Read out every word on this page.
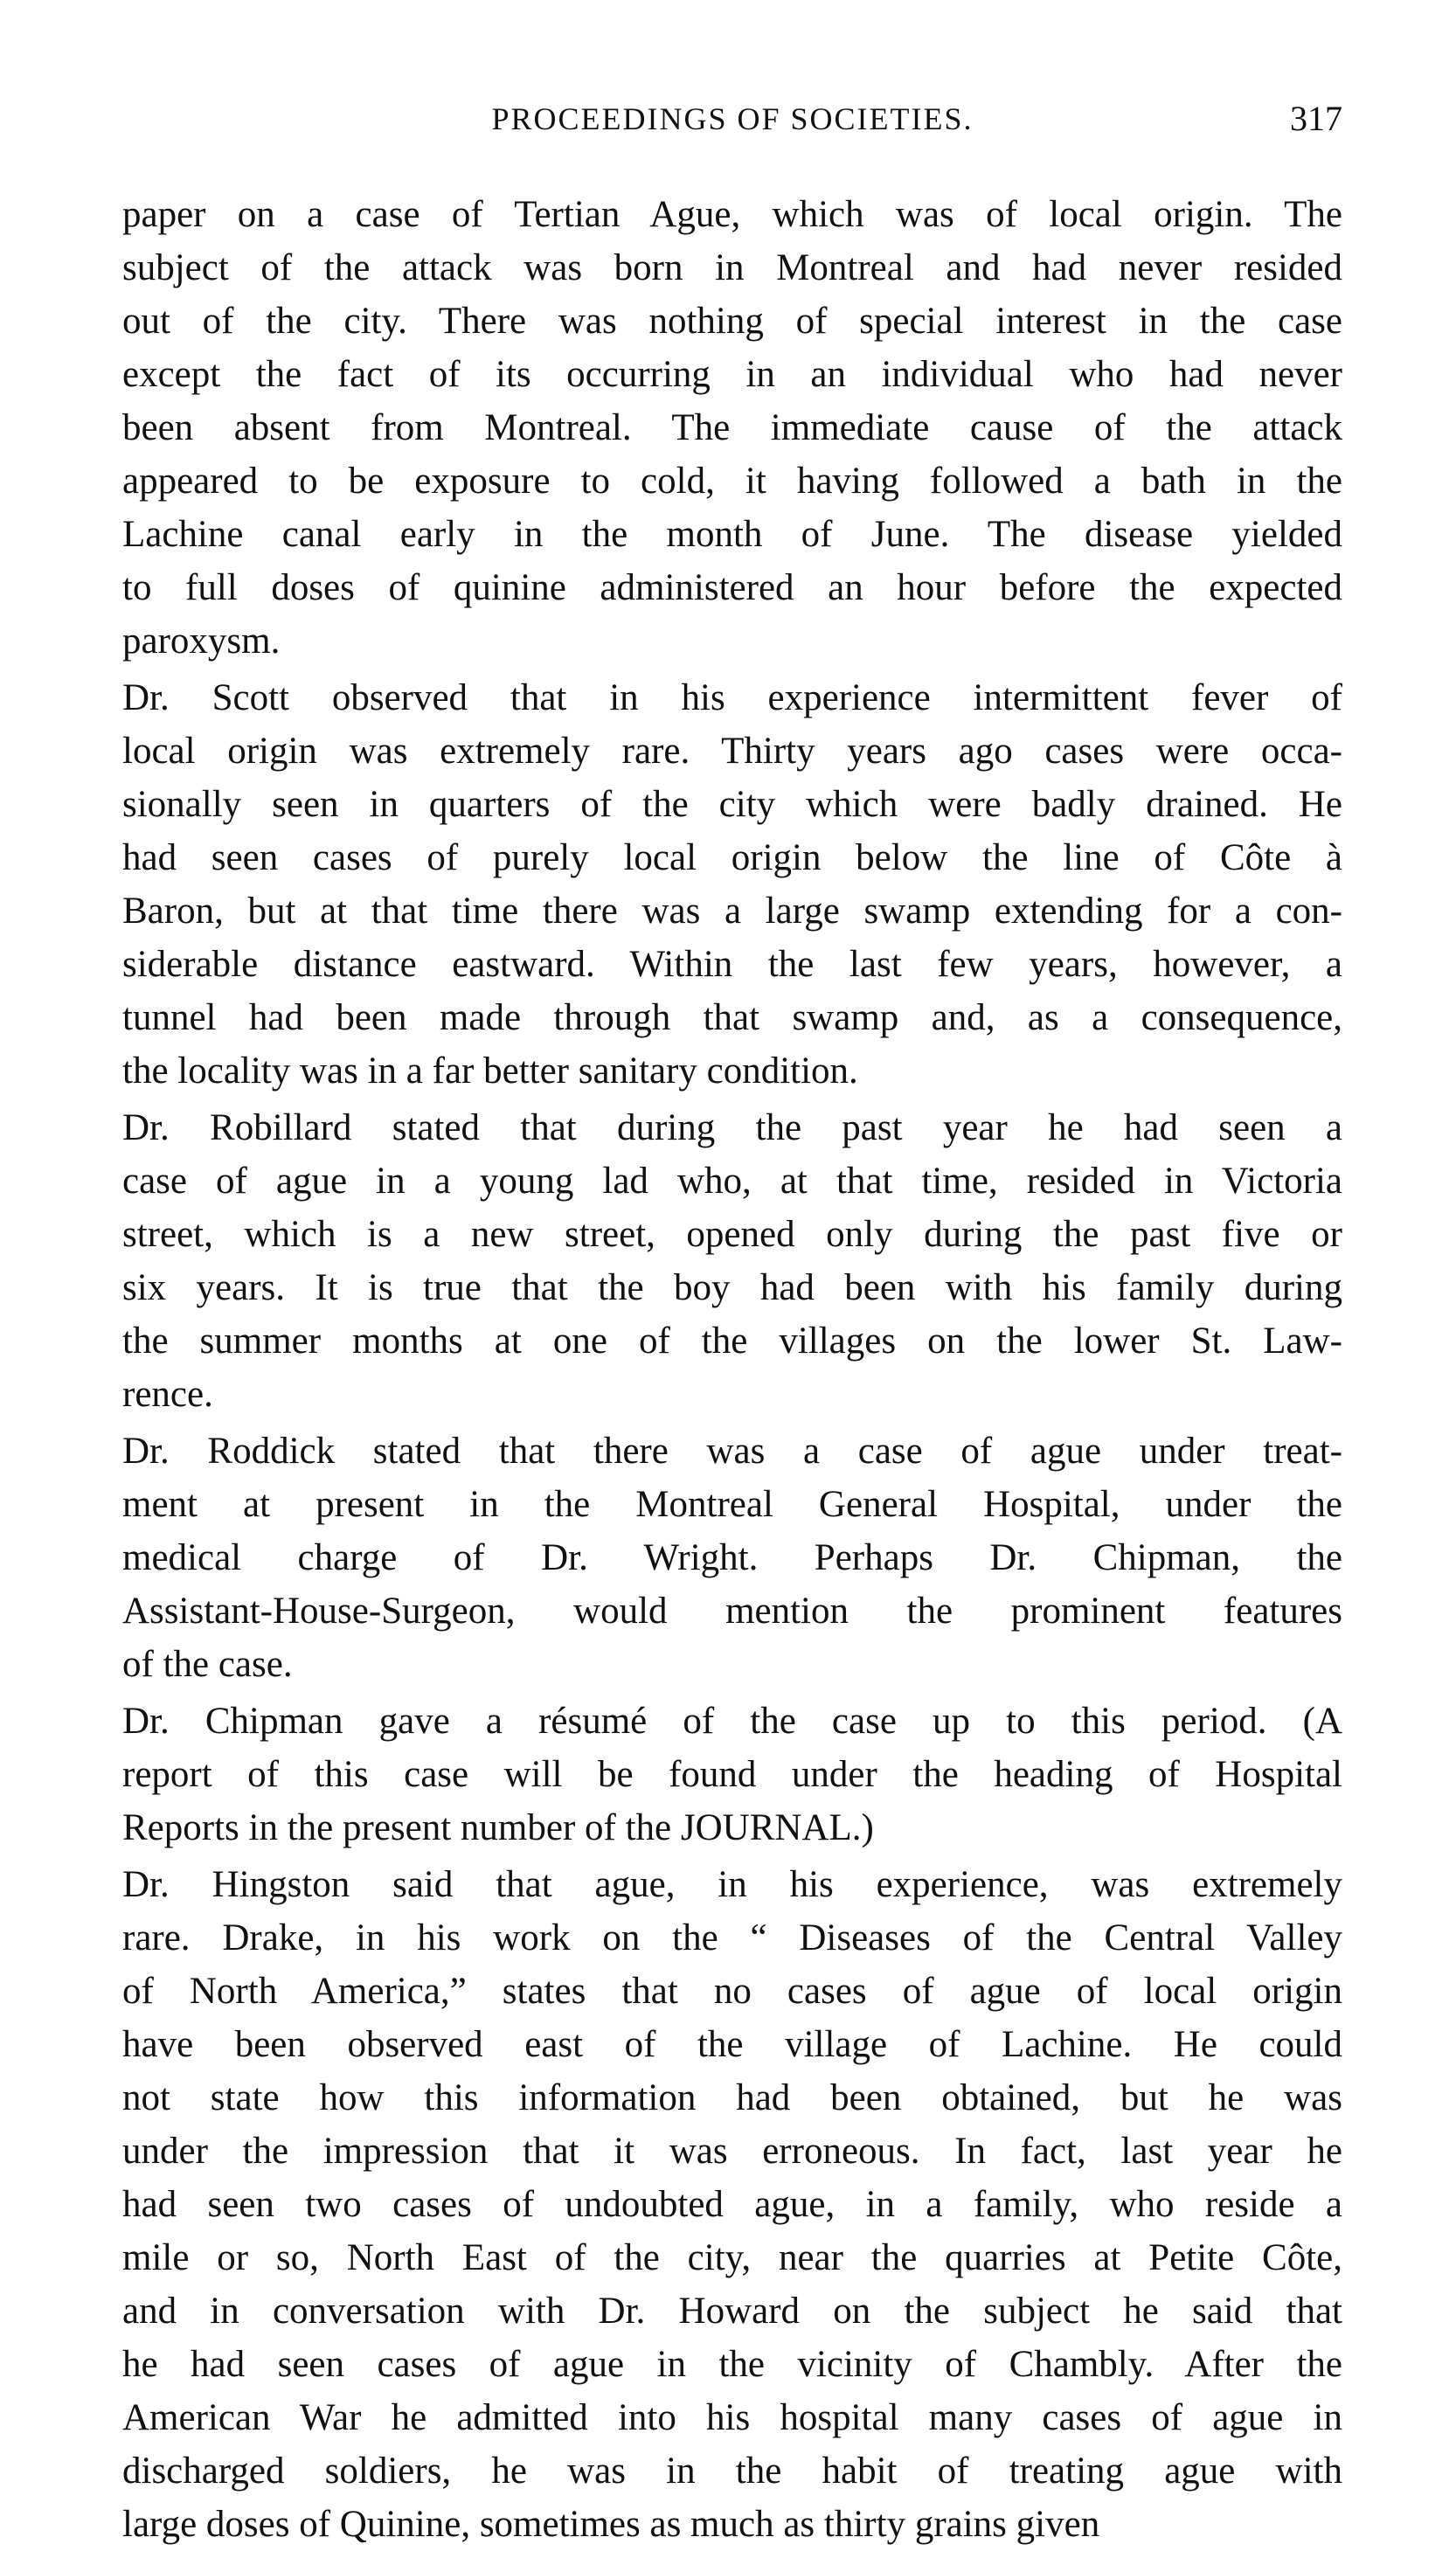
PROCEEDINGS OF SOCIETIES.	317
paper on a case of Tertian Ague, which was of local origin. The
subject of the attack was born in Montreal and had never resided
out of the city. There was nothing of special interest in the case
except the fact of its occurring in an individual who had never
been absent from Montreal. The immediate cause of the attack
appeared to be exposure to cold, it having followed a bath in the
Lachine canal early in the month of June. The disease yielded
to full doses of quinine administered an hour before the expected
paroxysm.
Dr. Scott observed that in his experience intermittent fever of
local origin was extremely rare. Thirty years ago cases were occa-
sionally seen in quarters of the city which were badly drained. He
had seen cases of purely local origin below the line of Côte à
Baron, but at that time there was a large swamp extending for a con-
siderable distance eastward. Within the last few years, however, a
tunnel had been made through that swamp and, as a consequence,
the locality was in a far better sanitary condition.
Dr. Robillard stated that during the past year he had seen a
case of ague in a young lad who, at that time, resided in Victoria
street, which is a new street, opened only during the past five or
six years. It is true that the boy had been with his family during
the summer months at one of the villages on the lower St. Law-
rence.
Dr. Roddick stated that there was a case of ague under treat-
ment at present in the Montreal General Hospital, under the
medical charge of Dr. Wright. Perhaps Dr. Chipman, the
Assistant-House-Surgeon, would mention the prominent features
of the case.
Dr. Chipman gave a résumé of the case up to this period. (A
report of this case will be found under the heading of Hospital
Reports in the present number of the JOURNAL.)
Dr. Hingston said that ague, in his experience, was extremely
rare. Drake, in his work on the “ Diseases of the Central Valley
of North America,” states that no cases of ague of local origin
have been observed east of the village of Lachine. He could
not state how this information had been obtained, but he was
under the impression that it was erroneous. In fact, last year he
had seen two cases of undoubted ague, in a family, who reside a
mile or so, North East of the city, near the quarries at Petite Côte,
and in conversation with Dr. Howard on the subject he said that
he had seen cases of ague in the vicinity of Chambly. After the
American War he admitted into his hospital many cases of ague in
discharged soldiers, he was in the habit of treating ague with
large doses of Quinine, sometimes as much as thirty grains given
